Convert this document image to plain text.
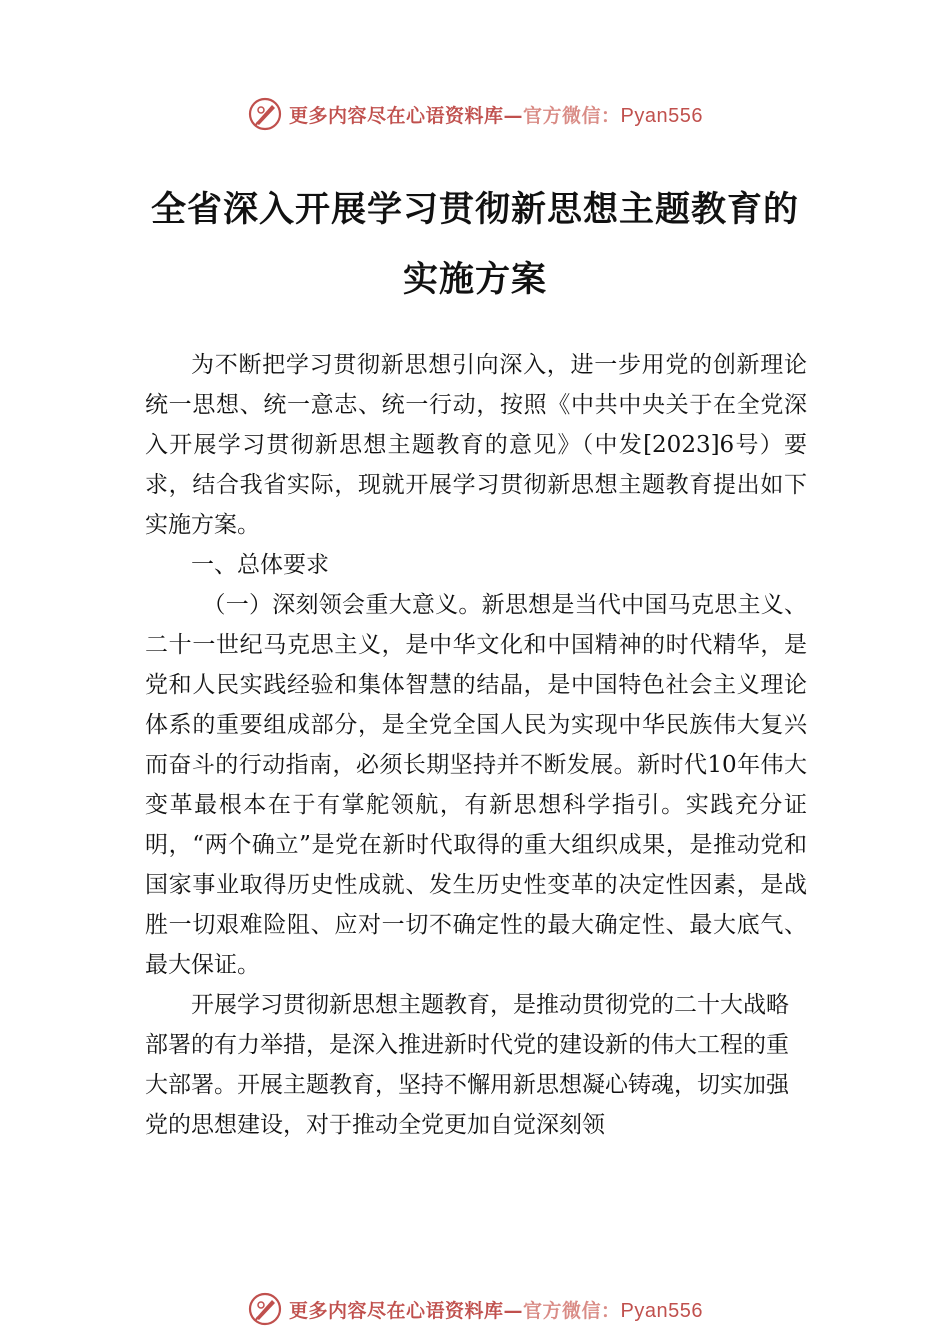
更多内容尽在心语资料库—官方微信：Pyan556
全省深入开展学习贯彻新思想主题教育的
实施方案

为不断把学习贯彻新思想引向深入，进一步用党的创新理论统一思想、统一意志、统一行动，按照《中共中央关于在全党深入开展学习贯彻新思想主题教育的意见》（中发[2023]6号）要求，结合我省实际，现就开展学习贯彻新思想主题教育提出如下实施方案。

一、总体要求

（一）深刻领会重大意义。新思想是当代中国马克思主义、二十一世纪马克思主义，是中华文化和中国精神的时代精华，是党和人民实践经验和集体智慧的结晶，是中国特色社会主义理论体系的重要组成部分，是全党全国人民为实现中华民族伟大复兴而奋斗的行动指南，必须长期坚持并不断发展。新时代10年伟大变革最根本在于有掌舵领航，有新思想科学指引。实践充分证明，“两个确立”是党在新时代取得的重大组织成果，是推动党和国家事业取得历史性成就、发生历史性变革的决定性因素，是战胜一切艰难险阻、应对一切不确定性的最大确定性、最大底气、最大保证。

开展学习贯彻新思想主题教育，是推动贯彻党的二十大战略部署的有力举措，是深入推进新时代党的建设新的伟大工程的重大部署。开展主题教育，坚持不懈用新思想凝心铸魂，切实加强党的思想建设，对于推动全党更加自觉深刻领

更多内容尽在心语资料库—官方微信：Pyan556
